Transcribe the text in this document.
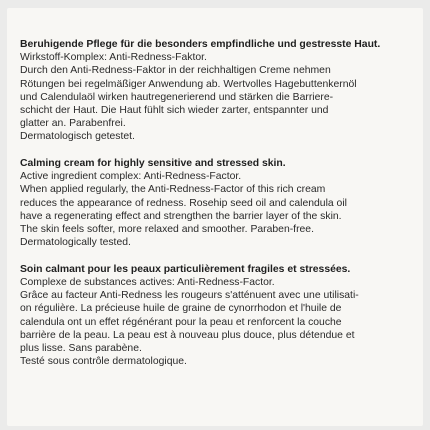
Beruhigende Pflege für die besonders empfindliche und gestresste Haut.
Wirkstoff-Komplex: Anti-Redness-Faktor.
Durch den Anti-Redness-Faktor in der reichhaltigen Creme nehmen
Rötungen bei regelmäßiger Anwendung ab. Wertvolles Hagebuttenkernöl
und Calendulaöl wirken hautregenerierend und stärken die Barriere-
schicht der Haut. Die Haut fühlt sich wieder zarter, entspannter und
glatter an. Parabenfrei.
Dermatologisch getestet.
Calming cream for highly sensitive and stressed skin.
Active ingredient complex: Anti-Redness-Factor.
When applied regularly, the Anti-Redness-Factor of this rich cream
reduces the appearance of redness. Rosehip seed oil and calendula oil
have a regenerating effect and strengthen the barrier layer of the skin.
The skin feels softer, more relaxed and smoother. Paraben-free.
Dermatologically tested.
Soin calmant pour les peaux particulièrement fragiles et stressées.
Complexe de substances actives: Anti-Redness-Factor.
Grâce au facteur Anti-Redness les rougeurs s'atténuent avec une utilisati-
on régulière. La précieuse huile de graine de cynorrhodon et l'huile de
calendula ont un effet régénérant pour la peau et renforcent la couche
barrière de la peau. La peau est à nouveau plus douce, plus détendue et
plus lisse. Sans parabène.
Testé sous contrôle dermatologique.
